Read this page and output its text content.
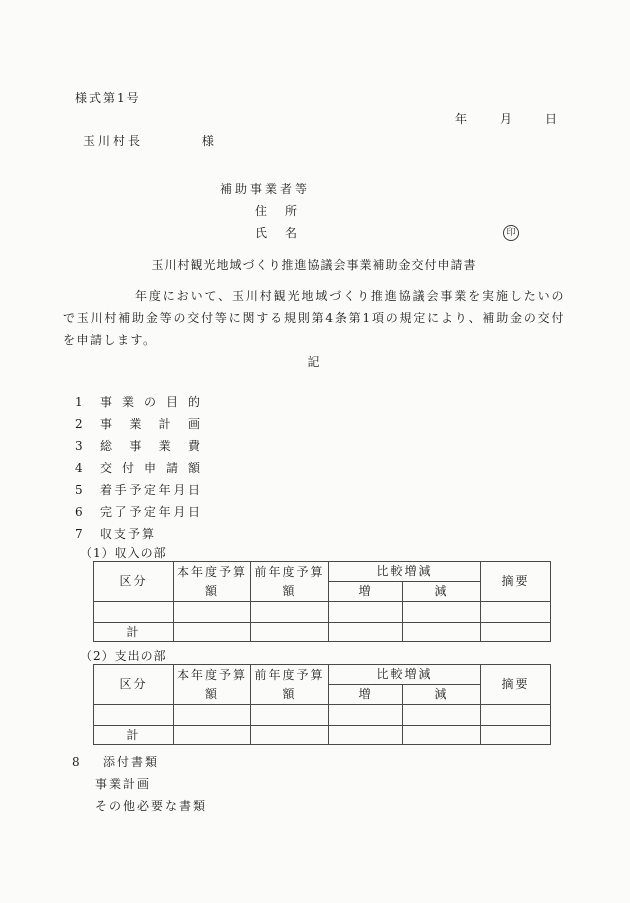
様式第1号
年	月	日
玉川村長	様
補助事業者等
住　所
氏　名	印
玉川村観光地域づくり推進協議会事業補助金交付申請書

年度において、玉川村観光地域づくり推進協議会事業を実施したいので玉川村補助金等の交付等に関する規則第4条第1項の規定により、補助金の交付を申請します。

記
1 事業の目的
2 事業計画
3 総事業費
4 交付申請額
5 着手予定年月日
6 完了予定年月日
7 収支予算
（1）収入の部
区分	本年度予算額	前年度予算額	比較増減		摘要
			増	減	

計					
（2）支出の部
区分	本年度予算額	前年度予算額	比較増減		摘要
			増	減	

計					
8 添付書類
事業計画
その他必要な書類
